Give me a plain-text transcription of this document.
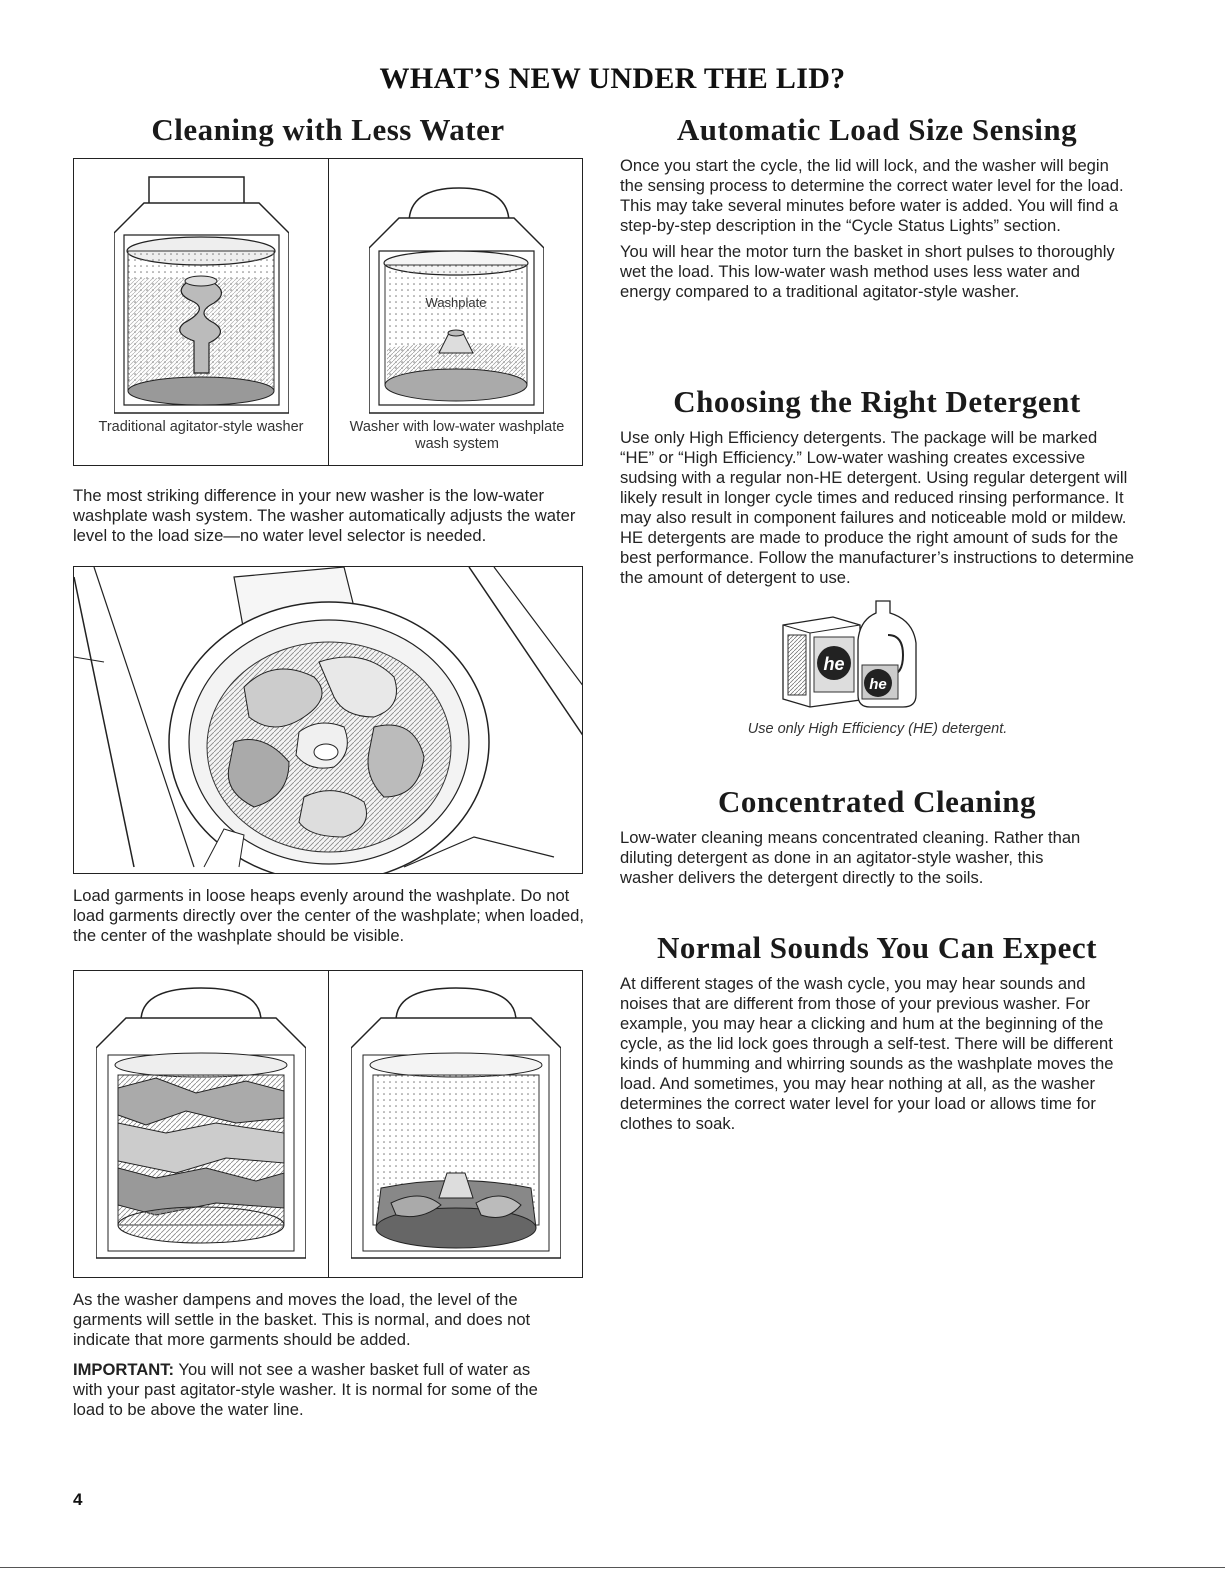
WHAT’S NEW UNDER THE LID?
Cleaning with Less Water
Washplate
Traditional agitator-style washer	Washer with low-water washplate wash system

The most striking difference in your new washer is the low-water washplate wash system. The washer automatically adjusts the water level to the load size—no water level selector is needed.

Load garments in loose heaps evenly around the washplate. Do not load garments directly over the center of the washplate; when loaded, the center of the washplate should be visible.

As the washer dampens and moves the load, the level of the garments will settle in the basket. This is normal, and does not indicate that more garments should be added.

IMPORTANT: You will not see a washer basket full of water as with your past agitator-style washer. It is normal for some of the load to be above the water line.

Automatic Load Size Sensing

Once you start the cycle, the lid will lock, and the washer will begin the sensing process to determine the correct water level for the load. This may take several minutes before water is added. You will find a step-by-step description in the “Cycle Status Lights” section.

You will hear the motor turn the basket in short pulses to thoroughly wet the load. This low-water wash method uses less water and energy compared to a traditional agitator-style washer.

Choosing the Right Detergent

Use only High Efficiency detergents. The package will be marked “HE” or “High Efficiency.” Low-water washing creates excessive sudsing with a regular non-HE detergent. Using regular detergent will likely result in longer cycle times and reduced rinsing performance. It may also result in component failures and noticeable mold or mildew. HE detergents are made to produce the right amount of suds for the best performance. Follow the manufacturer’s instructions to determine the amount of detergent to use.

he
he
Use only High Efficiency (HE) detergent.
Concentrated Cleaning

Low-water cleaning means concentrated cleaning. Rather than diluting detergent as done in an agitator-style washer, this washer delivers the detergent directly to the soils.

Normal Sounds You Can Expect

At different stages of the wash cycle, you may hear sounds and noises that are different from those of your previous washer. For example, you may hear a clicking and hum at the beginning of the cycle, as the lid lock goes through a self-test. There will be different kinds of humming and whirring sounds as the washplate moves the load. And sometimes, you may hear nothing at all, as the washer determines the correct water level for your load or allows time for clothes to soak.

4
